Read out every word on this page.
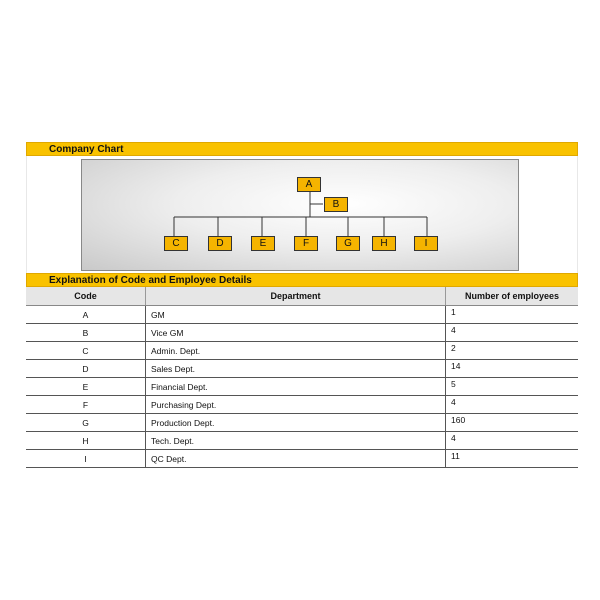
Company Chart
A
B
C	D	E	F	G	H	I
Explanation of Code and Employee Details
Code	Department	Number of employees
A	GM	1
B	Vice GM	4
C	Admin. Dept.	2
D	Sales Dept.	14
E	Financial Dept.	5
F	Purchasing Dept.	4
G	Production Dept.	160
H	Tech. Dept.	4
I	QC Dept.	11
